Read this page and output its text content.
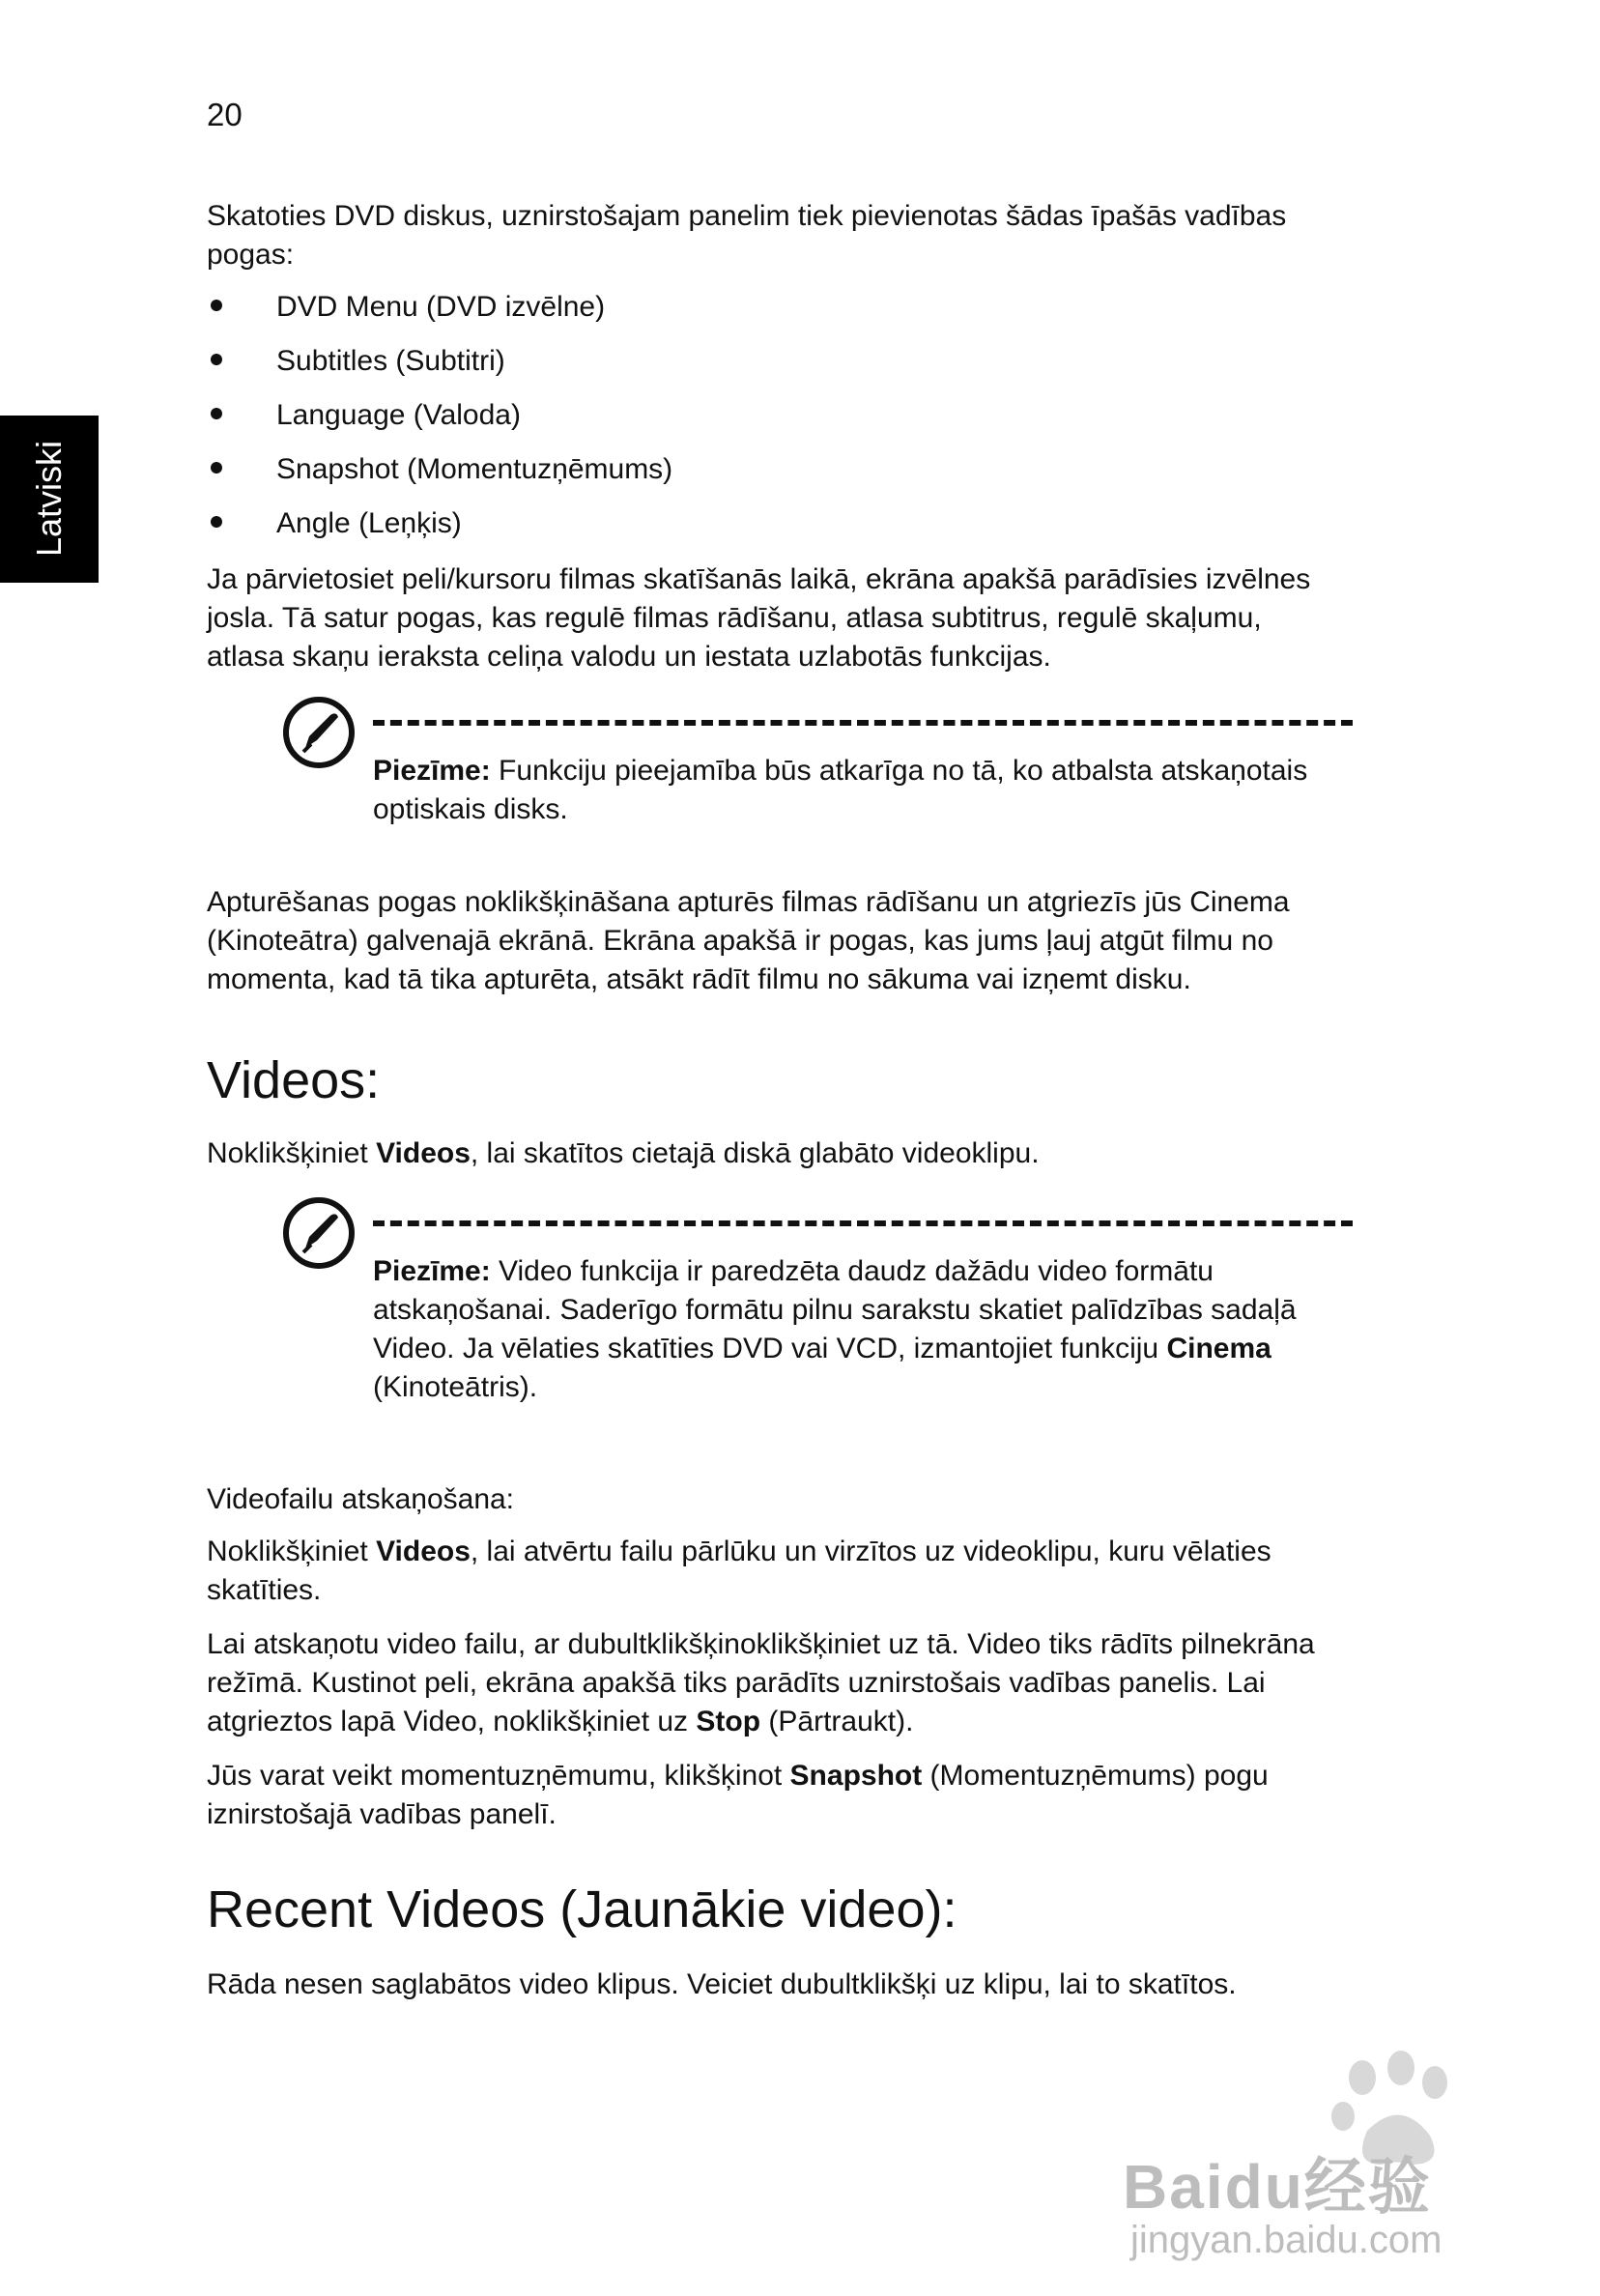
20
Latviski

Skatoties DVD diskus, uznirstošajam panelim tiek pievienotas šādas īpašās vadības pogas:

DVD Menu (DVD izvēlne)
Subtitles (Subtitri)
Language (Valoda)
Snapshot (Momentuzņēmums)
Angle (Leņķis)

Ja pārvietosiet peli/kursoru filmas skatīšanās laikā, ekrāna apakšā parādīsies izvēlnes josla. Tā satur pogas, kas regulē filmas rādīšanu, atlasa subtitrus, regulē skaļumu, atlasa skaņu ieraksta celiņa valodu un iestata uzlabotās funkcijas.

Piezīme: Funkciju pieejamība būs atkarīga no tā, ko atbalsta atskaņotais optiskais disks.

Apturēšanas pogas noklikšķināšana apturēs filmas rādīšanu un atgriezīs jūs Cinema (Kinoteātra) galvenajā ekrānā. Ekrāna apakšā ir pogas, kas jums ļauj atgūt filmu no momenta, kad tā tika apturēta, atsākt rādīt filmu no sākuma vai izņemt disku.

Videos:

Noklikšķiniet Videos, lai skatītos cietajā diskā glabāto videoklipu.

Piezīme: Video funkcija ir paredzēta daudz dažādu video formātu atskaņošanai. Saderīgo formātu pilnu sarakstu skatiet palīdzības sadaļā Video. Ja vēlaties skatīties DVD vai VCD, izmantojiet funkciju Cinema (Kinoteātris).

Videofailu atskaņošana:

Noklikšķiniet Videos, lai atvērtu failu pārlūku un virzītos uz videoklipu, kuru vēlaties skatīties.

Lai atskaņotu video failu, ar dubultklikšķinoklikšķiniet uz tā. Video tiks rādīts pilnekrāna režīmā. Kustinot peli, ekrāna apakšā tiks parādīts uznirstošais vadības panelis. Lai atgrieztos lapā Video, noklikšķiniet uz Stop (Pārtraukt).

Jūs varat veikt momentuzņēmumu, klikšķinot Snapshot (Momentuzņēmums) pogu iznirstošajā vadības panelī.

Recent Videos (Jaunākie video):

Rāda nesen saglabātos video klipus. Veiciet dubultklikšķi uz klipu, lai to skatītos.

Baidu经验
jingyan.baidu.com
